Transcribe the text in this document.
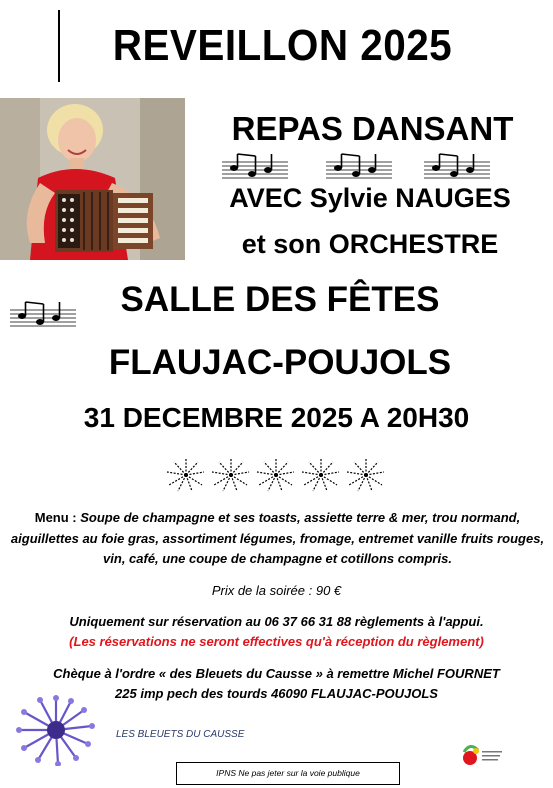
REVEILLON 2025
REPAS DANSANT
AVEC Sylvie NAUGES
et son ORCHESTRE
SALLE DES FÊTES
FLAUJAC-POUJOLS
31 DECEMBRE 2025 A 20H30
Menu : Soupe de champagne et ses toasts, assiette terre & mer, trou normand, aiguillettes au foie gras, assortiment légumes, fromage, entremet vanille fruits rouges, vin, café, une coupe de champagne et cotillons compris.
Prix de la soirée : 90 €
Uniquement sur réservation au 06 37 66 31 88 règlements à l'appui.
(Les réservations ne seront effectives qu'à réception du règlement)
Chèque à l'ordre « des Bleuets du Causse » à remettre Michel FOURNET
225 imp pech des tourds 46090 FLAUJAC-POUJOLS
LES BLEUETS DU CAUSSE
IPNS Ne pas jeter sur la voie publique
